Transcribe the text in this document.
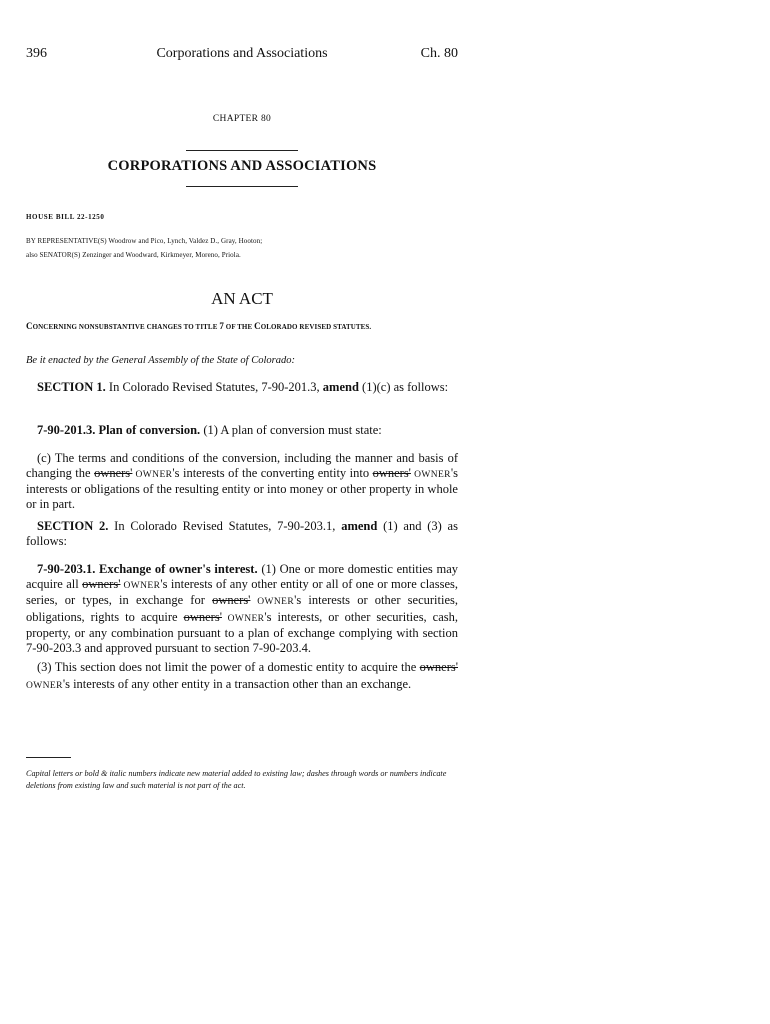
396	Corporations and Associations	Ch. 80
CHAPTER 80
CORPORATIONS AND ASSOCIATIONS
HOUSE BILL 22-1250
BY REPRESENTATIVE(S) Woodrow and Pico, Lynch, Valdez D., Gray, Hooton;
also SENATOR(S) Zenzinger and Woodward, Kirkmeyer, Moreno, Priola.
AN ACT
CONCERNING NONSUBSTANTIVE CHANGES TO TITLE 7 OF THE COLORADO REVISED STATUTES.
Be it enacted by the General Assembly of the State of Colorado:
SECTION 1. In Colorado Revised Statutes, 7-90-201.3, amend (1)(c) as follows:
7-90-201.3. Plan of conversion. (1) A plan of conversion must state:
(c) The terms and conditions of the conversion, including the manner and basis of changing the owners' OWNER's interests of the converting entity into owners' OWNER's interests or obligations of the resulting entity or into money or other property in whole or in part.
SECTION 2. In Colorado Revised Statutes, 7-90-203.1, amend (1) and (3) as follows:
7-90-203.1. Exchange of owner's interest. (1) One or more domestic entities may acquire all owners' OWNER's interests of any other entity or all of one or more classes, series, or types, in exchange for owners' OWNER's interests or other securities, obligations, rights to acquire owners' OWNER's interests, or other securities, cash, property, or any combination pursuant to a plan of exchange complying with section 7-90-203.3 and approved pursuant to section 7-90-203.4.
(3) This section does not limit the power of a domestic entity to acquire the owners' OWNER's interests of any other entity in a transaction other than an exchange.
Capital letters or bold & italic numbers indicate new material added to existing law; dashes through words or numbers indicate deletions from existing law and such material is not part of the act.
